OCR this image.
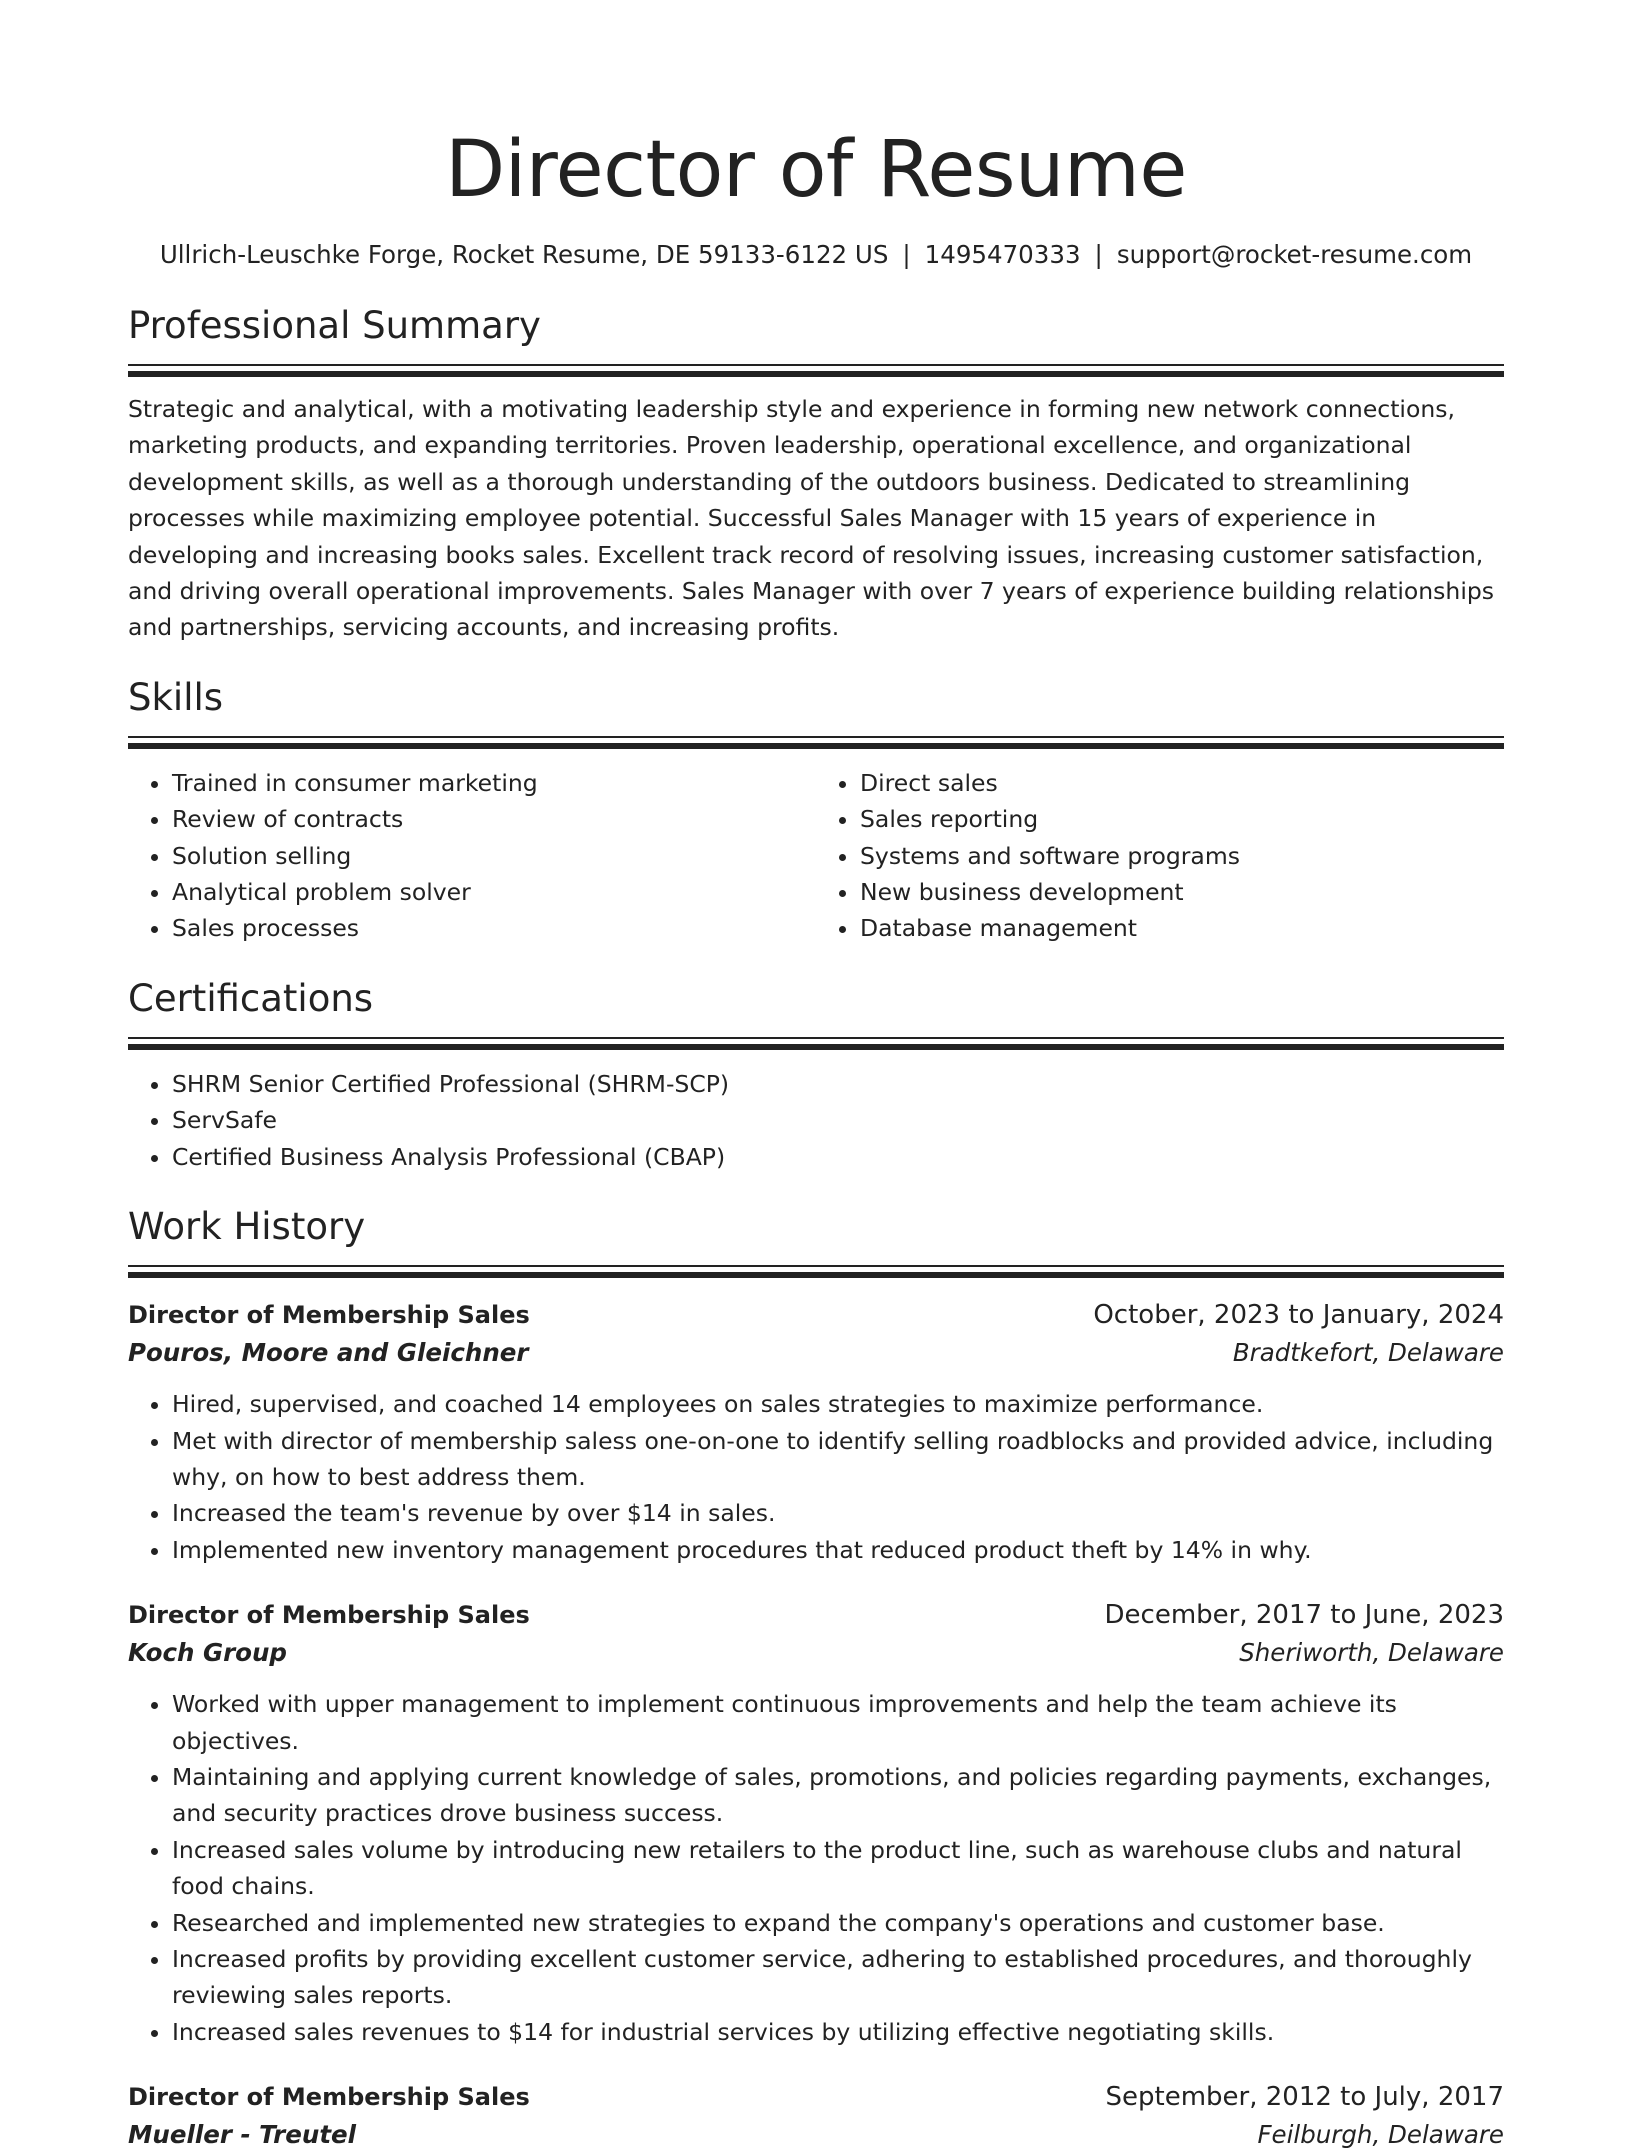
Director of Resume
Ullrich-Leuschke Forge, Rocket Resume, DE 59133-6122 US | 1495470333 | support@rocket-resume.com
Professional Summary
Strategic and analytical, with a motivating leadership style and experience in forming new network connections, marketing products, and expanding territories. Proven leadership, operational excellence, and organizational development skills, as well as a thorough understanding of the outdoors business. Dedicated to streamlining processes while maximizing employee potential. Successful Sales Manager with 15 years of experience in developing and increasing books sales. Excellent track record of resolving issues, increasing customer satisfaction, and driving overall operational improvements. Sales Manager with over 7 years of experience building relationships and partnerships, servicing accounts, and increasing profits.
Skills
• Trained in consumer marketing
• Review of contracts
• Solution selling
• Analytical problem solver
• Sales processes
• Direct sales
• Sales reporting
• Systems and software programs
• New business development
• Database management
Certifications
• SHRM Senior Certified Professional (SHRM-SCP)
• ServSafe
• Certified Business Analysis Professional (CBAP)
Work History
Director of Membership Sales	October, 2023 to January, 2024
Pouros, Moore and Gleichner	Bradtkefort, Delaware
• Hired, supervised, and coached 14 employees on sales strategies to maximize performance.
• Met with director of membership saless one-on-one to identify selling roadblocks and provided advice, including why, on how to best address them.
• Increased the team's revenue by over $14 in sales.
• Implemented new inventory management procedures that reduced product theft by 14% in why.
Director of Membership Sales	December, 2017 to June, 2023
Koch Group	Sheriworth, Delaware
• Worked with upper management to implement continuous improvements and help the team achieve its objectives.
• Maintaining and applying current knowledge of sales, promotions, and policies regarding payments, exchanges, and security practices drove business success.
• Increased sales volume by introducing new retailers to the product line, such as warehouse clubs and natural food chains.
• Researched and implemented new strategies to expand the company's operations and customer base.
• Increased profits by providing excellent customer service, adhering to established procedures, and thoroughly reviewing sales reports.
• Increased sales revenues to $14 for industrial services by utilizing effective negotiating skills.
Director of Membership Sales	September, 2012 to July, 2017
Mueller - Treutel	Feilburgh, Delaware
